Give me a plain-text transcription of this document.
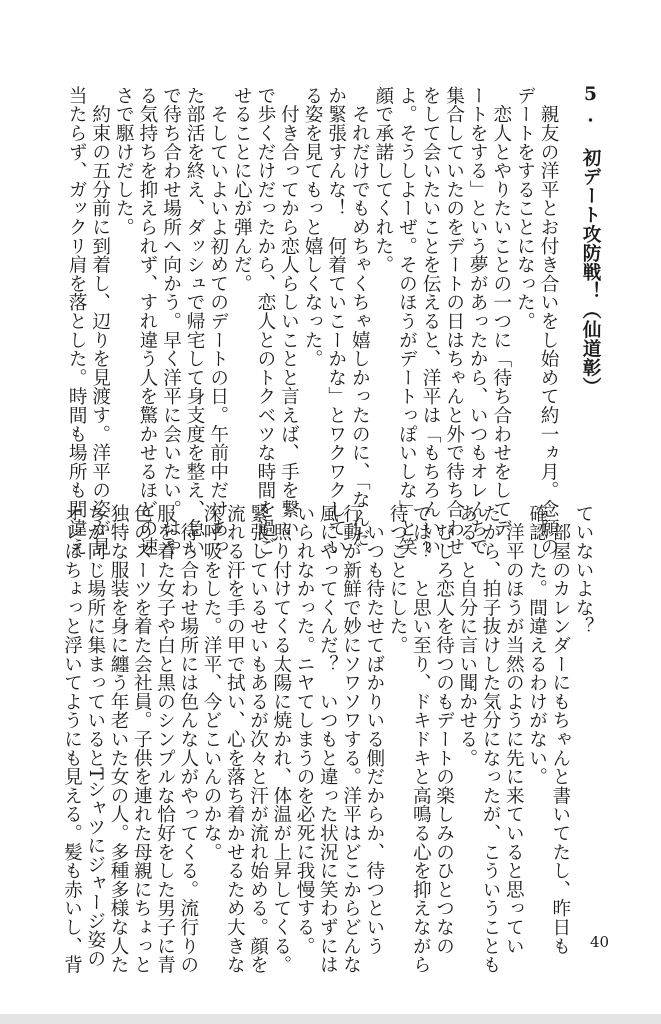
5. 初デート攻防戦！（仙道彰）
　親友の洋平とお付き合いをし始めて約一ヵ月。念願の
デートをすることになった。
　恋人とやりたいことの一つに「待ち合わせをしてデ
ートをする」という夢があったから、いつもオレんちで
集合していたのをデートの日はちゃんと外で待ち合わせ
をして会いたいことを伝えると、洋平は「もちろんいい
よ。そうしよーぜ。そのほうがデートっぽいしな」と笑
顔で承諾してくれた。
　それだけでもめちゃくちゃ嬉しかったのに、「なんだ
か緊張すんな！　何着ていこーかな」とワクワクしてい
る姿を見てもっと嬉しくなった。
　付き合ってから恋人らしいことと言えば、手を繋い
で歩くだけだったから、恋人とのトクベツな時間を過ご
せることに心が弾んだ。
　そしていよいよ初めてのデートの日。午前中だけあっ
た部活を終え、ダッシュで帰宅して身支度を整え、急い
で待ち合わせ場所へ向かう。早く洋平に会いたい。はや
る気持ちを抑えられず、すれ違う人を驚かせるほどの速
さで駆けだした。
　約束の五分前に到着し、辺りを見渡す。洋平の姿が見
当たらず、ガックリ肩を落とした。時間も場所も間違え
ていないよな？
　部屋のカレンダーにもちゃんと書いてたし、昨日も
確認した。間違えるわけがない。
　洋平のほうが当然のように先に来ていると思ってい
たから、拍子抜けした気分になったが、こういうことも
ある、と自分に言い聞かせる。
　むしろ恋人を待つのもデートの楽しみのひとつなの
では？　と思い至り、ドキドキと高鳴る心を抑えながら
待つことにした。
　いつも待たせてばかりいる側だからか、待つという
行動が新鮮で妙にソワソワする。洋平はどこからどんな
風にやってくんだ？　いつもと違った状況に笑わずには
いられなかった。ニヤてしまうのを必死に我慢する。
　照り付けてくる太陽に焼かれ、体温が上昇してくる。
緊張しているせいもあるが次々と汗が流れ始める。顔を
流れる汗を手の甲で拭い、心を落ち着かせるため大きな
深呼吸をした。洋平、今どこいんのかな。
　待ち合わせ場所には色んな人がやってくる。流行りの
服を着た女子や白と黒のシンプルな恰好をした男子に青
色のスーツを着た会社員。子供を連れた母親にちょっと
独特な服装を身に纏う年老いた女の人。多種多様な人た
ちが同じ場所に集まっているとTシャツにジャージ姿の
オレはちょっと浮いてようにも見える。髪も赤いし、背	40
